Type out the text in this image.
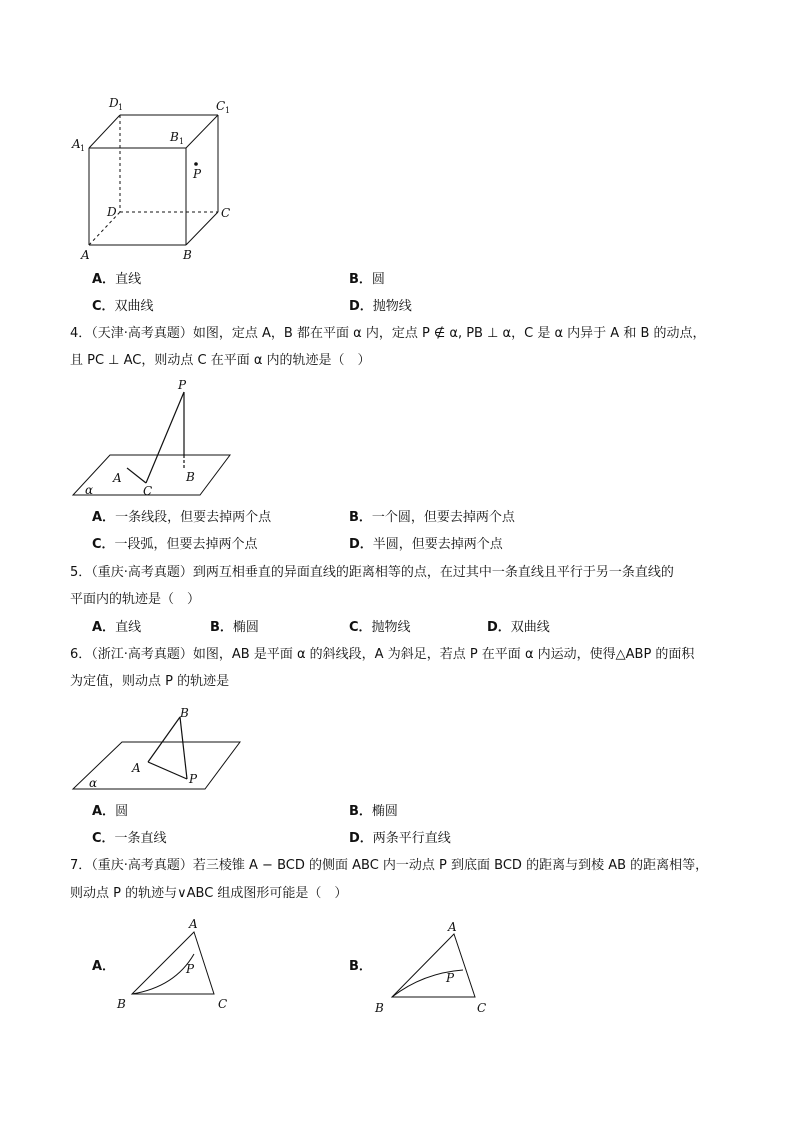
D 1	C 1
A 1
B 1
P
D	C
A	B
A．直线	B．圆
C．双曲线	D．抛物线
4．（天津·高考真题）如图，定点 A，B 都在平面 α 内，定点 P ∉ α, PB ⊥ α，C 是 α 内异于 A 和 B 的动点，
且 PC ⊥ AC，则动点 C 在平面 α 内的轨迹是（　）
P
A
C
B
α
A．一条线段，但要去掉两个点	B．一个圆，但要去掉两个点
C．一段弧，但要去掉两个点	D．半圆，但要去掉两个点
5．（重庆·高考真题）到两互相垂直的异面直线的距离相等的点，在过其中一条直线且平行于另一条直线的
平面内的轨迹是（　）
A．直线	B．椭圆	C．抛物线	D．双曲线
6．（浙江·高考真题）如图，AB 是平面 α 的斜线段，A 为斜足，若点 P 在平面 α 内运动，使得△ABP 的面积
为定值，则动点 P 的轨迹是
B
A
P
α
A．圆	B．椭圆
C．一条直线	D．两条平行直线
7．（重庆·高考真题）若三棱锥 A − BCD 的侧面 ABC 内一动点 P 到底面 BCD 的距离与到棱 AB 的距离相等，
则动点 P 的轨迹与∨ABC 组成图形可能是（　）
A．
A
B	C
P	B．
A
B	C
P
